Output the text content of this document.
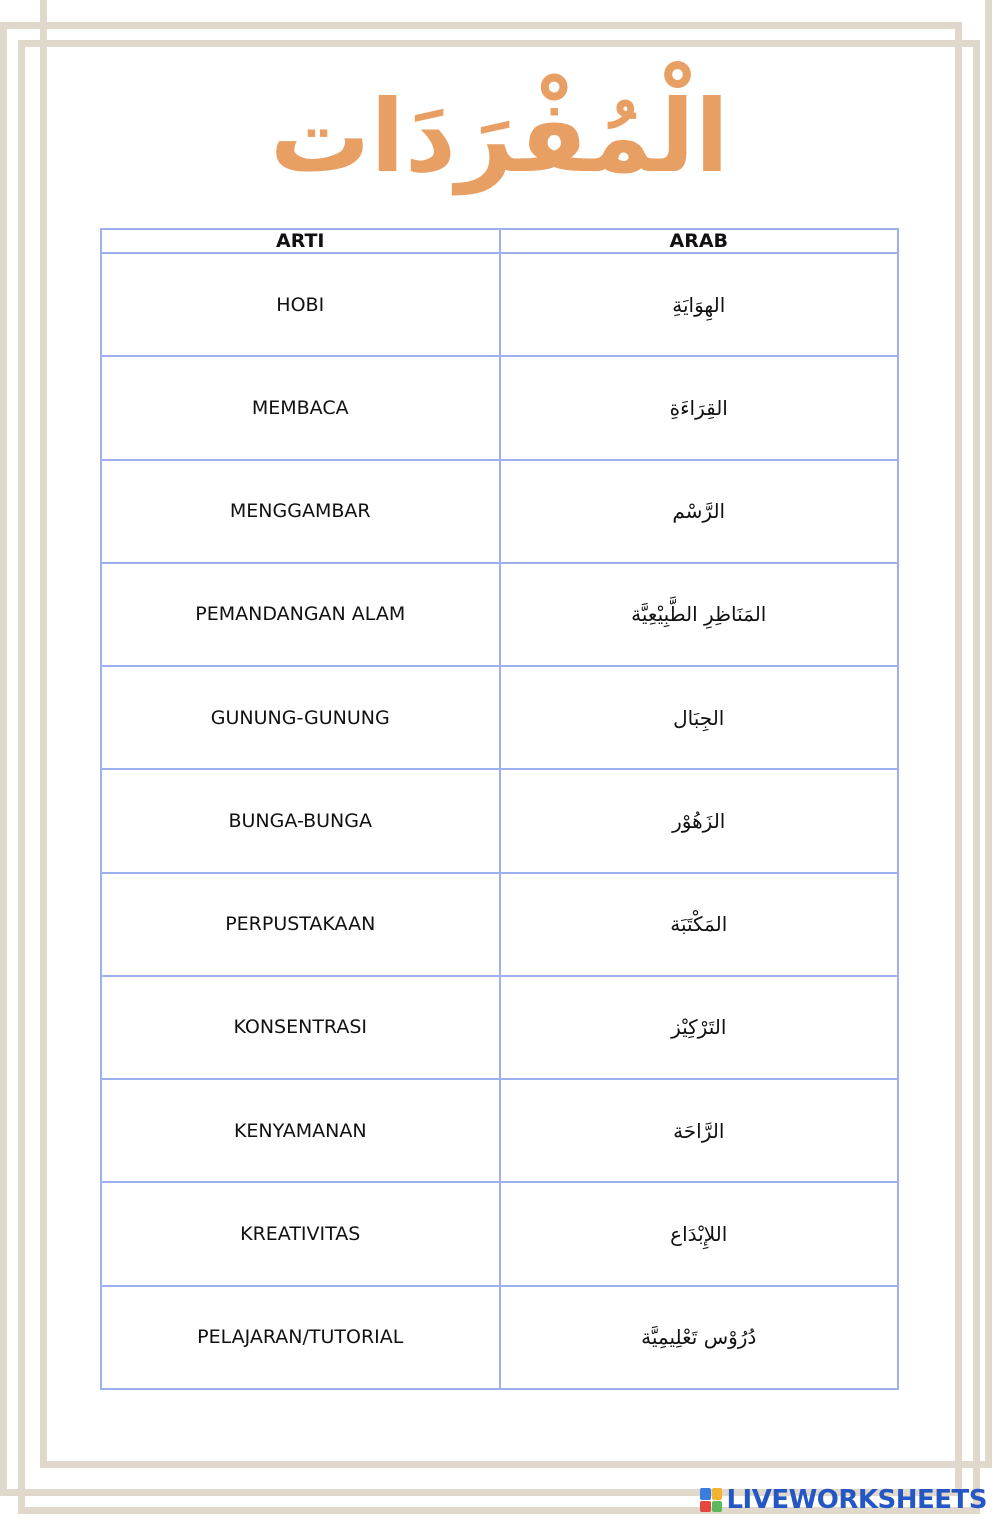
الْمُفْرَدَات
ARTI	ARAB
HOBI	الهِوَايَةِ
MEMBACA	القِرَاءَةِ
MENGGAMBAR	الرَّسْم
PEMANDANGAN ALAM	المَنَاظِرِ الطَّبِيْعِيَّة
GUNUNG-GUNUNG	الجِبَال
BUNGA-BUNGA	الزَهُوْر
PERPUSTAKAAN	المَكْتَبَة
KONSENTRASI	التَرْكِيْز
KENYAMANAN	الرَّاحَة
KREATIVITAS	اللإِبْدَاع
PELAJARAN/TUTORIAL	دُرُوْس تَعْلِيمِيَّة
LIVEWORKSHEETS
